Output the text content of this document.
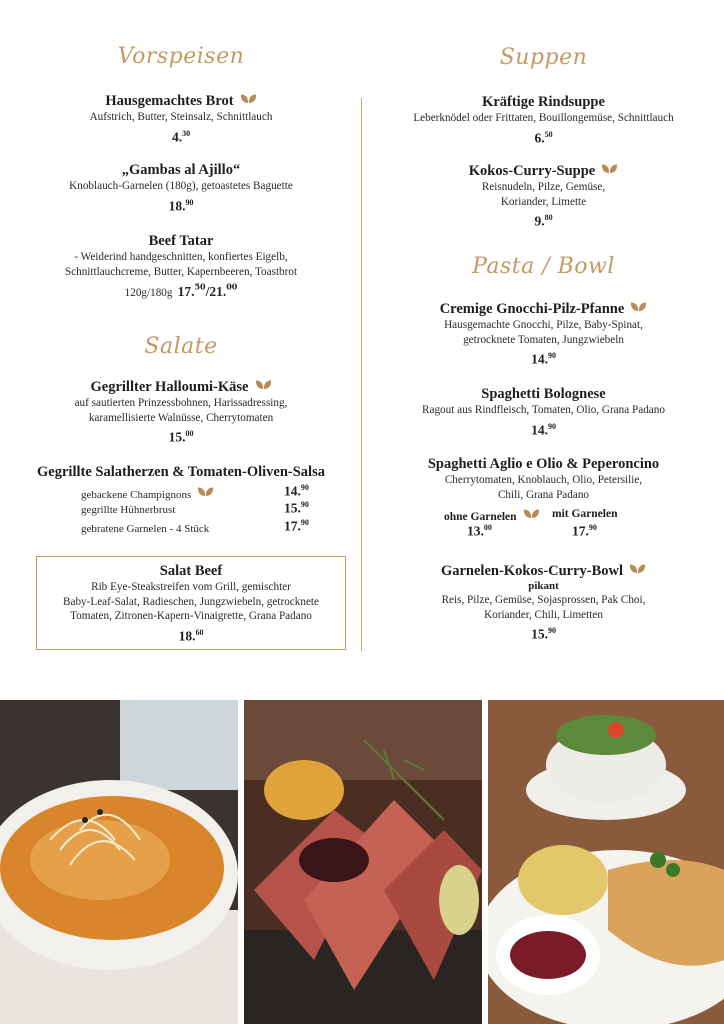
Vorspeisen
Hausgemachtes Brot
Aufstrich, Butter, Steinsalz, Schnittlauch
4.30
„Gambas al Ajillo“
Knoblauch-Garnelen (180g), getoastetes Baguette
18.90
Beef Tatar
- Weiderind handgeschnitten, konfiertes Eigelb,
Schnittlauchcreme, Butter, Kapernbeeren, Toastbrot
120g/180g 17.50/21.00
Salate
Gegrillter Halloumi-Käse
auf sautierten Prinzessbohnen, Harissadressing,
karamellisierte Walnüsse, Cherrytomaten
15.00
Gegrillte Salatherzen & Tomaten-Oliven-Salsa
gebackene Champignons	14.90
gegrillte Hühnerbrust	15.90
gebratene Garnelen - 4 Stück	17.90
Salat Beef
Rib Eye-Steakstreifen vom Grill, gemischter
Baby-Leaf-Salat, Radieschen, Jungzwiebeln, getrocknete
Tomaten, Zitronen-Kapern-Vinaigrette, Grana Padano
18.60
Suppen
Kräftige Rindsuppe
Leberknödel oder Frittaten, Bouillongemüse, Schnittlauch
6.50
Kokos-Curry-Suppe
Reisnudeln, Pilze, Gemüse,
Koriander, Limette
9.80
Pasta / Bowl
Cremige Gnocchi-Pilz-Pfanne
Hausgemachte Gnocchi, Pilze, Baby-Spinat,
getrocknete Tomaten, Jungzwiebeln
14.90
Spaghetti Bolognese
Ragout aus Rindfleisch, Tomaten, Olio, Grana Padano
14.90
Spaghetti Aglio e Olio & Peperoncino
Cherrytomaten, Knoblauch, Olio, Petersilie,
Chili, Grana Padano
ohne Garnelen	mit Garnelen
13.00	17.90
Garnelen-Kokos-Curry-Bowl
pikant
Reis, Pilze, Gemüse, Sojasprossen, Pak Choi,
Koriander, Chili, Limetten
15.90
